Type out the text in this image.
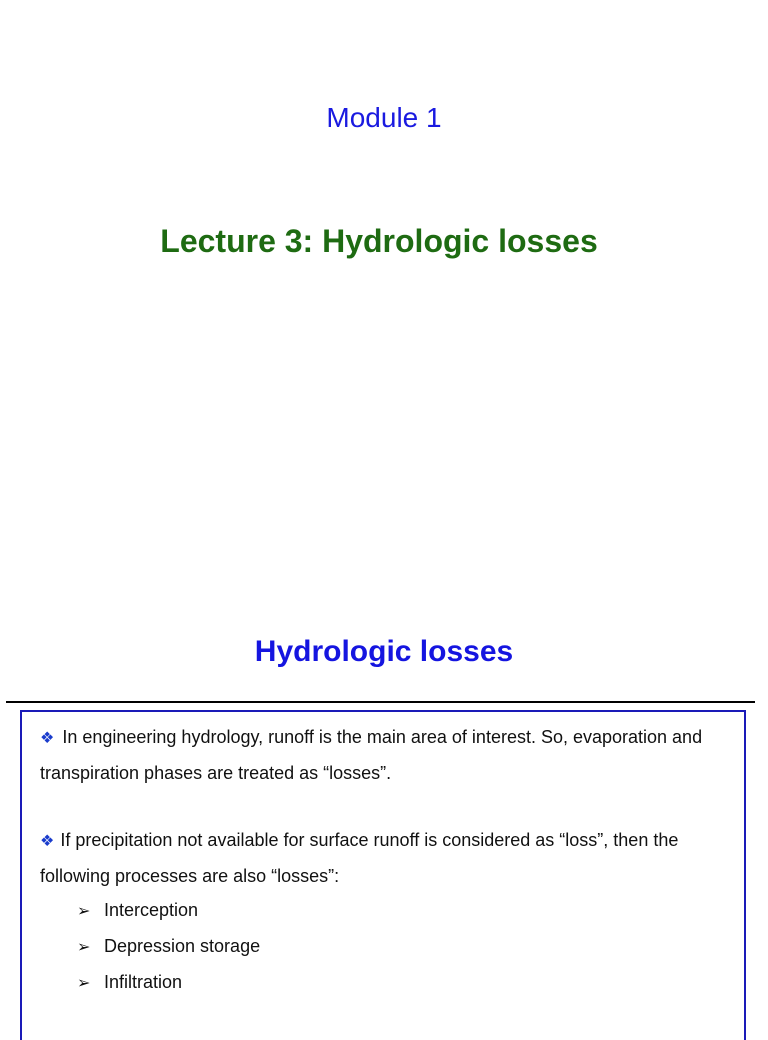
Module 1
Lecture 3: Hydrologic losses
Hydrologic losses
❖ In engineering hydrology, runoff is the main area of interest. So, evaporation and transpiration phases are treated as “losses”.
❖ If precipitation not available for surface runoff is considered as “loss”, then the following processes are also “losses”:
➢ Interception
➢ Depression storage
➢ Infiltration
